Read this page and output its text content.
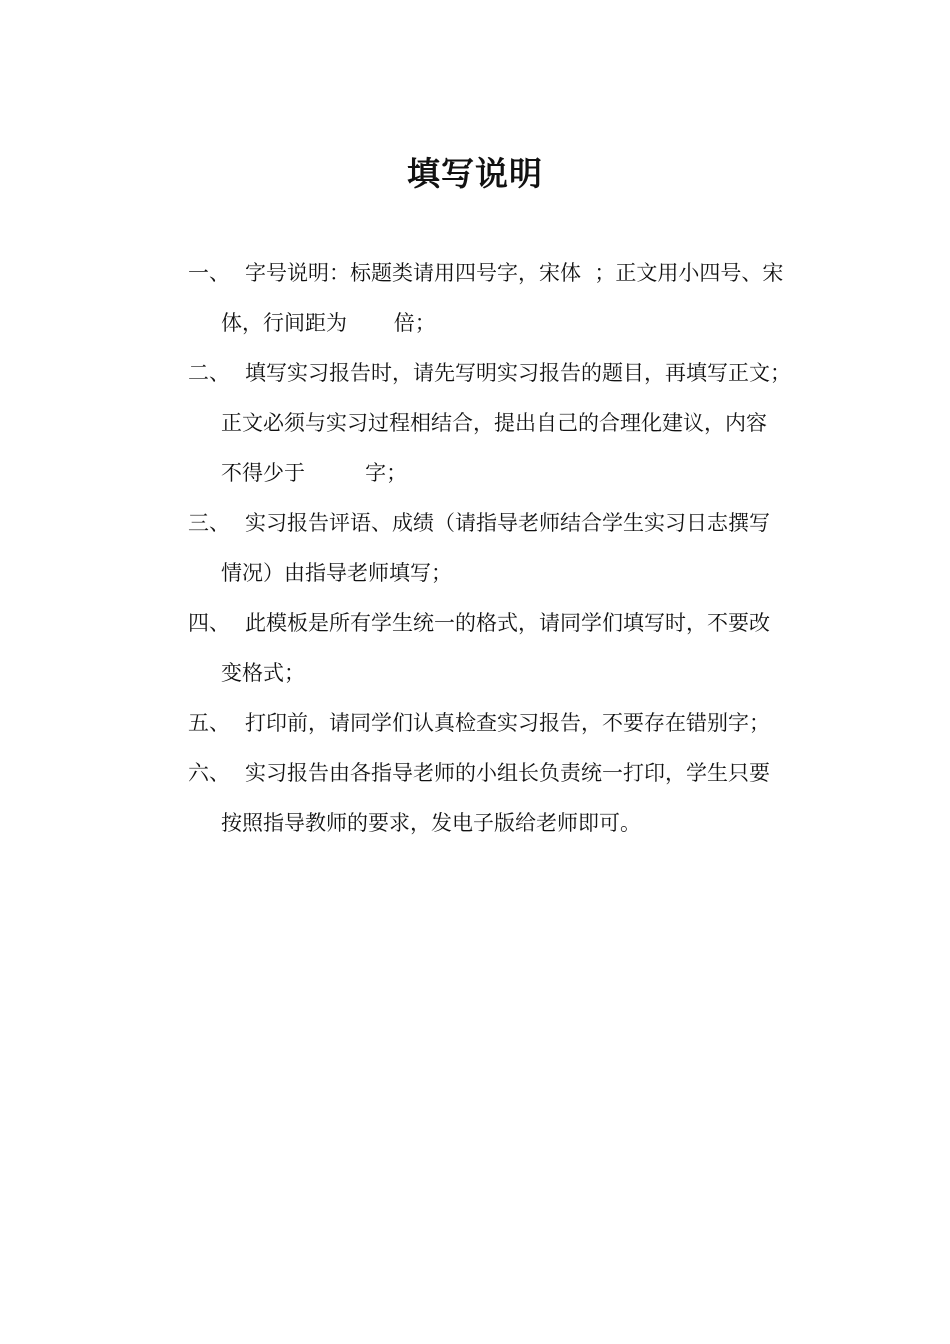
填写说明
一、 字号说明：标题类请用四号字，宋体  ；正文用小四号、宋
体，行间距为       倍；
二、 填写实习报告时，请先写明实习报告的题目，再填写正文；
正文必须与实习过程相结合，提出自己的合理化建议，内容
不得少于         字；
三、 实习报告评语、成绩（请指导老师结合学生实习日志撰写
情况）由指导老师填写；
四、 此模板是所有学生统一的格式，请同学们填写时，不要改
变格式；
五、 打印前，请同学们认真检查实习报告，不要存在错别字；
六、 实习报告由各指导老师的小组长负责统一打印，学生只要
按照指导教师的要求，发电子版给老师即可。
